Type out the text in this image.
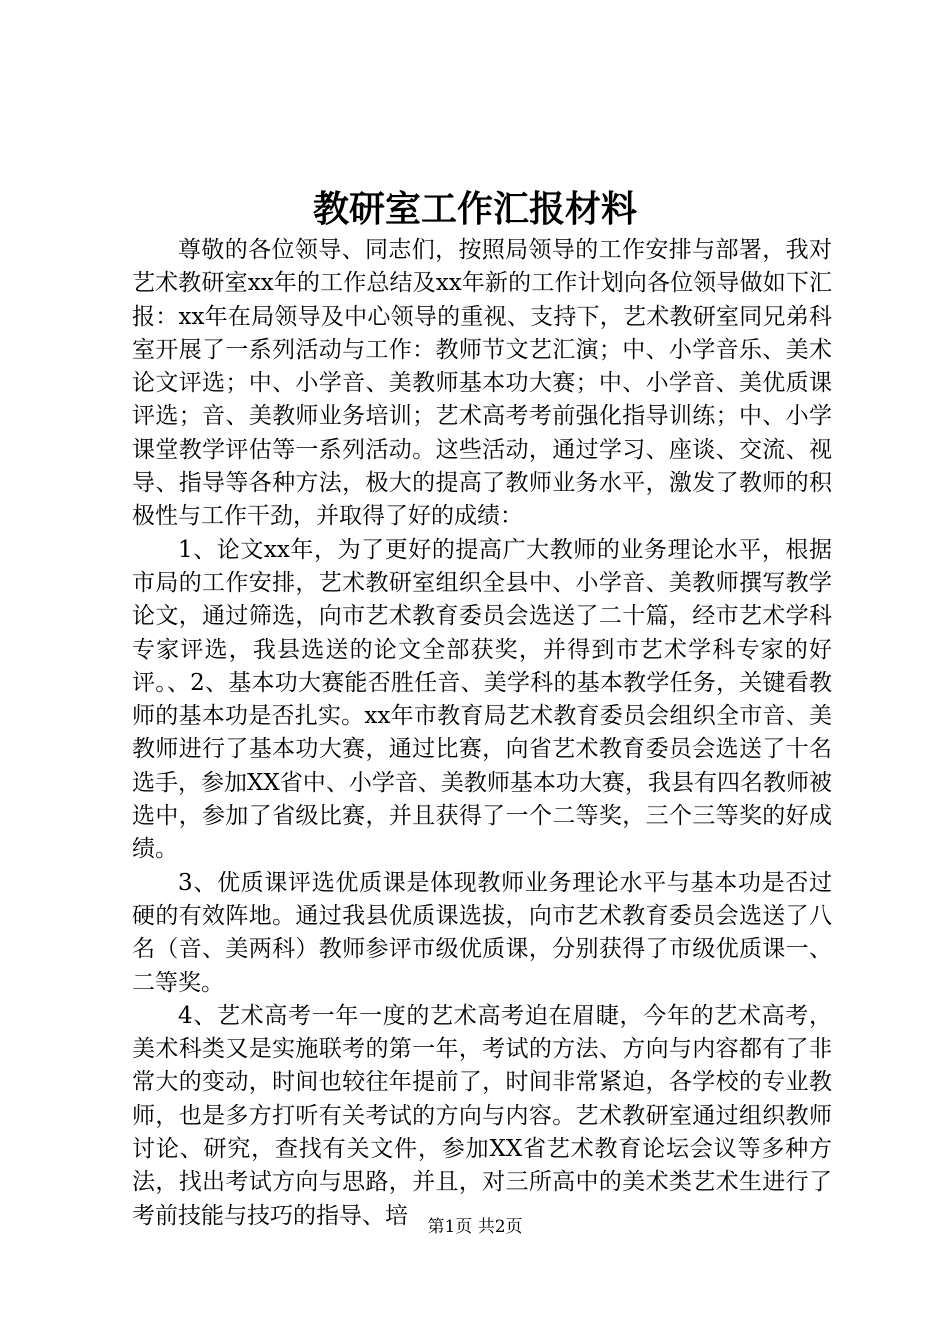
教研室工作汇报材料

尊敬的各位领导、同志们，按照局领导的工作安排与部署，我对艺术教研室xx年的工作总结及xx年新的工作计划向各位领导做如下汇报：xx年在局领导及中心领导的重视、支持下，艺术教研室同兄弟科室开展了一系列活动与工作：教师节文艺汇演；中、小学音乐、美术论文评选；中、小学音、美教师基本功大赛；中、小学音、美优质课评选；音、美教师业务培训；艺术高考考前强化指导训练；中、小学课堂教学评估等一系列活动。这些活动，通过学习、座谈、交流、视导、指导等各种方法，极大的提高了教师业务水平，激发了教师的积极性与工作干劲，并取得了好的成绩：

1、论文xx年，为了更好的提高广大教师的业务理论水平，根据市局的工作安排，艺术教研室组织全县中、小学音、美教师撰写教学论文，通过筛选，向市艺术教育委员会选送了二十篇，经市艺术学科专家评选，我县选送的论文全部获奖，并得到市艺术学科专家的好评。、2、基本功大赛能否胜任音、美学科的基本教学任务，关键看教师的基本功是否扎实。xx年市教育局艺术教育委员会组织全市音、美教师进行了基本功大赛，通过比赛，向省艺术教育委员会选送了十名选手，参加XX省中、小学音、美教师基本功大赛，我县有四名教师被选中，参加了省级比赛，并且获得了一个二等奖，三个三等奖的好成绩。

3、优质课评选优质课是体现教师业务理论水平与基本功是否过硬的有效阵地。通过我县优质课选拔，向市艺术教育委员会选送了八名（音、美两科）教师参评市级优质课，分别获得了市级优质课一、二等奖。

4、艺术高考一年一度的艺术高考迫在眉睫，今年的艺术高考，美术科类又是实施联考的第一年，考试的方法、方向与内容都有了非常大的变动，时间也较往年提前了，时间非常紧迫，各学校的专业教师，也是多方打听有关考试的方向与内容。艺术教研室通过组织教师讨论、研究，查找有关文件，参加XX省艺术教育论坛会议等多种方法，找出考试方向与思路，并且，对三所高中的美术类艺术生进行了考前技能与技巧的指导、培	第1页 共2页
